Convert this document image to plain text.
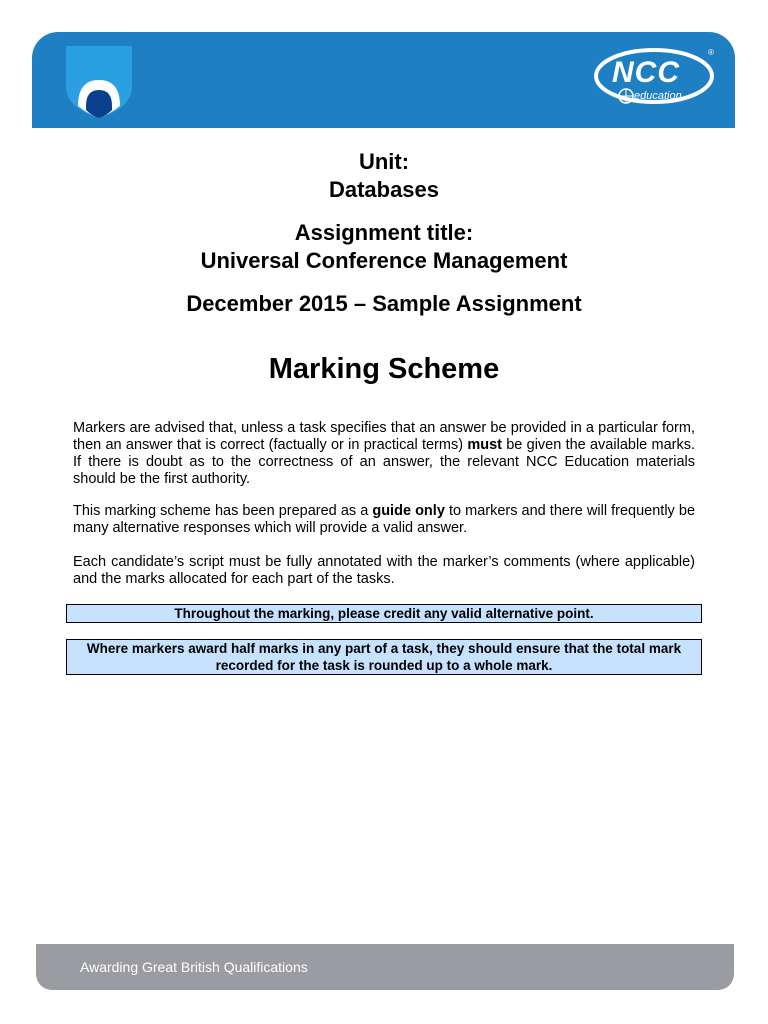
NCC
education
®
Unit:
Databases
Assignment title:
Universal Conference Management
December 2015 – Sample Assignment
Marking Scheme
Markers are advised that, unless a task specifies that an answer be provided in a particular form, then an answer that is correct (factually or in practical terms) must be given the available marks. If there is doubt as to the correctness of an answer, the relevant NCC Education materials should be the first authority.
This marking scheme has been prepared as a guide only to markers and there will frequently be many alternative responses which will provide a valid answer.
Each candidate’s script must be fully annotated with the marker’s comments (where applicable) and the marks allocated for each part of the tasks.
Throughout the marking, please credit any valid alternative point.
Where markers award half marks in any part of a task, they should ensure that the total mark recorded for the task is rounded up to a whole mark.
Awarding Great British Qualifications
